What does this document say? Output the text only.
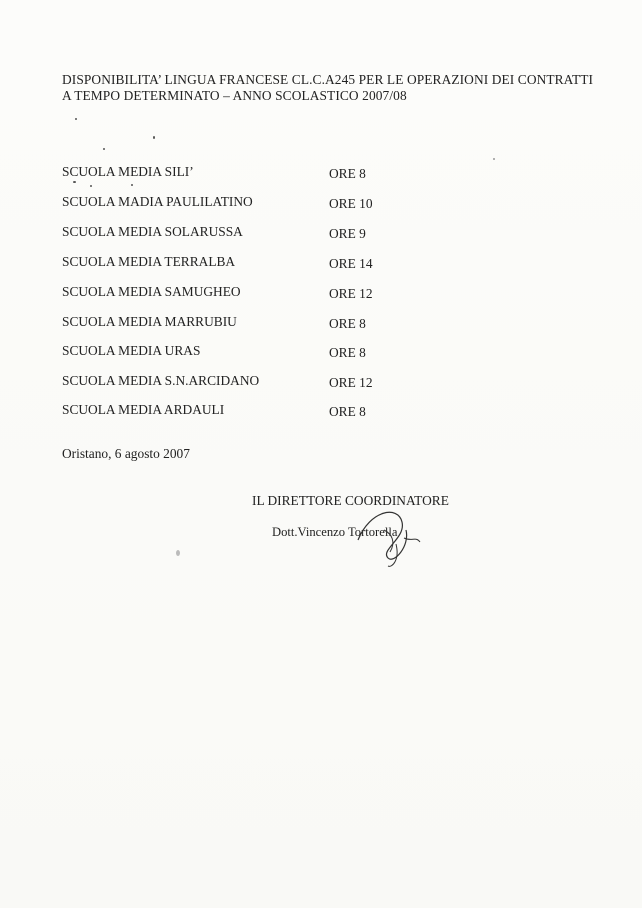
DISPONIBILITA’ LINGUA FRANCESE CL.C.A245 PER LE OPERAZIONI DEI CONTRATTI
A TEMPO DETERMINATO – ANNO SCOLASTICO 2007/08
SCUOLA MEDIA SILI’	ORE 8
SCUOLA MADIA PAULILATINO	ORE 10
SCUOLA MEDIA SOLARUSSA	ORE 9
SCUOLA MEDIA TERRALBA	ORE 14
SCUOLA MEDIA SAMUGHEO	ORE 12
SCUOLA MEDIA MARRUBIU	ORE 8
SCUOLA MEDIA URAS	ORE 8
SCUOLA MEDIA S.N.ARCIDANO	ORE 12
SCUOLA MEDIA ARDAULI	ORE 8
Oristano, 6 agosto 2007
IL DIRETTORE COORDINATORE
Dott.Vincenzo Tortorella
